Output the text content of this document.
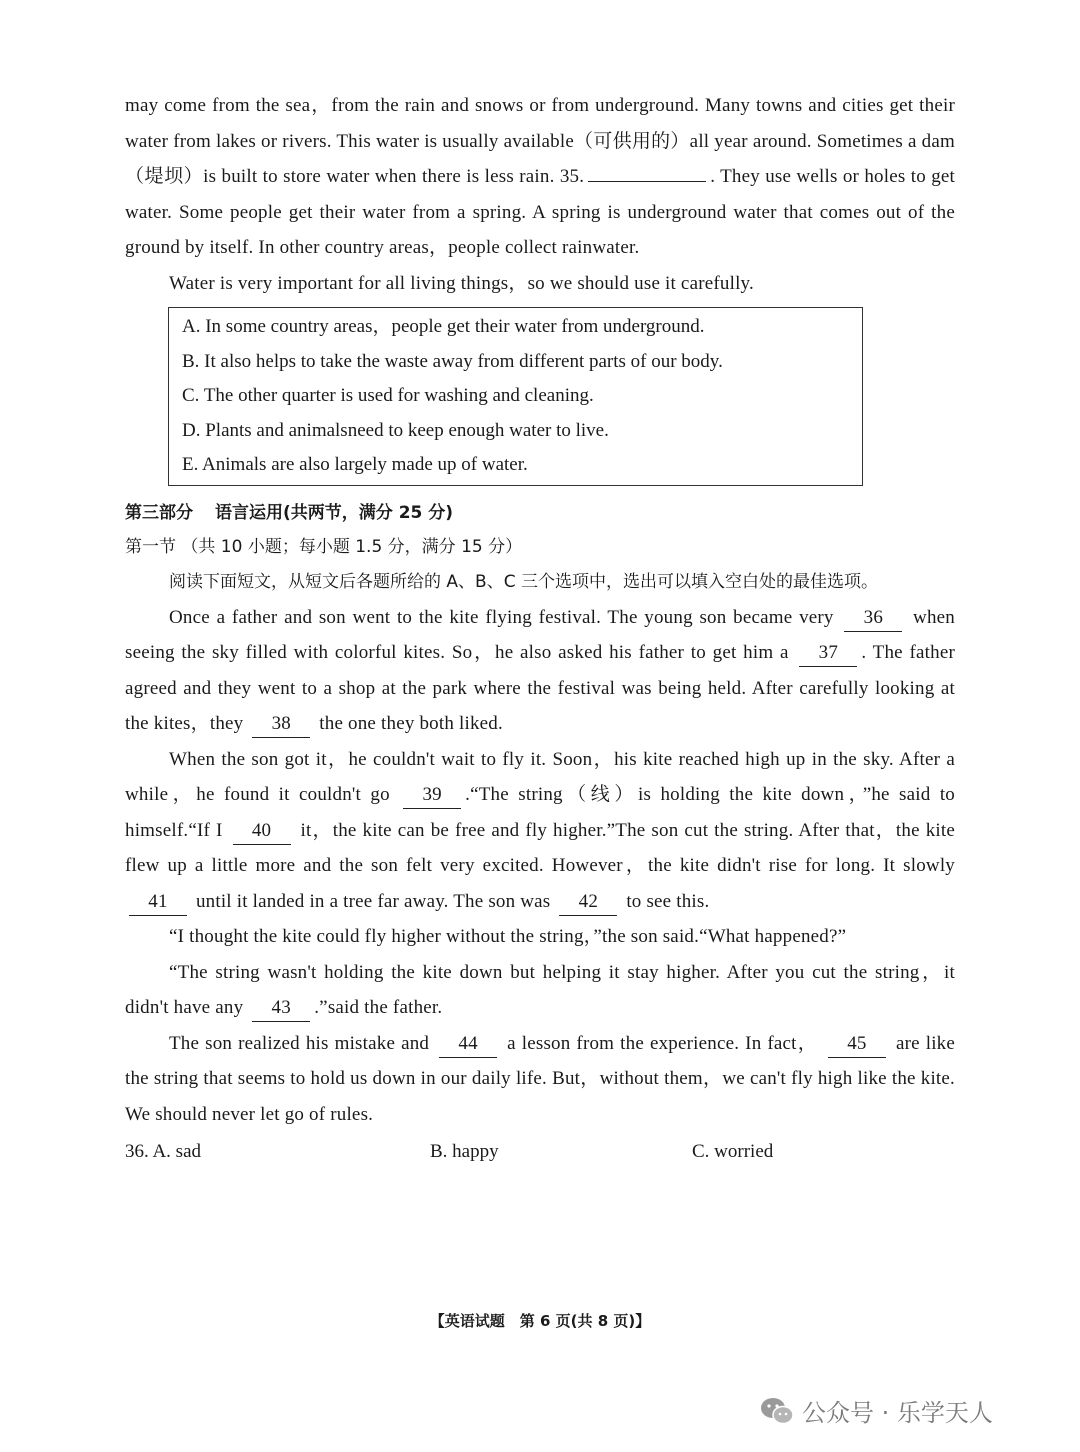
may come from the sea，from the rain and snows or from underground. Many towns and cities get their water from lakes or rivers. This water is usually available（可供用的）all year around. Sometimes a dam（堤坝）is built to store water when there is less rain. 35.	. They use wells or holes to get water. Some people get their water from a spring. A spring is underground water that comes out of the ground by itself. In other country areas，people collect rainwater.

Water is very important for all living things，so we should use it carefully.

A. In some country areas，people get their water from underground.
B. It also helps to take the waste away from different parts of our body.
C. The other quarter is used for washing and cleaning.
D. Plants and animalsneed to keep enough water to live.
E. Animals are also largely made up of water.
第三部分 语言运用(共两节，满分 25 分)
第一节 （共 10 小题；每小题 1.5 分，满分 15 分）
阅读下面短文，从短文后各题所给的 A、B、C 三个选项中，选出可以填入空白处的最佳选项。

Once a father and son went to the kite flying festival. The young son became very 36 when seeing the sky filled with colorful kites. So，he also asked his father to get him a 37 . The father agreed and they went to a shop at the park where the festival was being held. After carefully looking at the kites，they 38 the one they both liked.

When the son got it，he couldn't wait to fly it. Soon，his kite reached high up in the sky. After a while，he found it couldn't go 39 .“The string（线）is holding the kite down，”he said to himself.“If I 40 it，the kite can be free and fly higher.”The son cut the string. After that，the kite flew up a little more and the son felt very excited. However，the kite didn't rise for long. It slowly 41 until it landed in a tree far away. The son was 42 to see this.

“I thought the kite could fly higher without the string，”the son said.“What happened?”

“The string wasn't holding the kite down but helping it stay higher. After you cut the string，it didn't have any 43 .”said the father.

The son realized his mistake and 44 a lesson from the experience. In fact， 45 are like the string that seems to hold us down in our daily life. But，without them，we can't fly high like the kite. We should never let go of rules.

36. A. sad	B. happy	C. worried
【英语试题　第 6 页(共 8 页)】
公众号 · 乐学天人
